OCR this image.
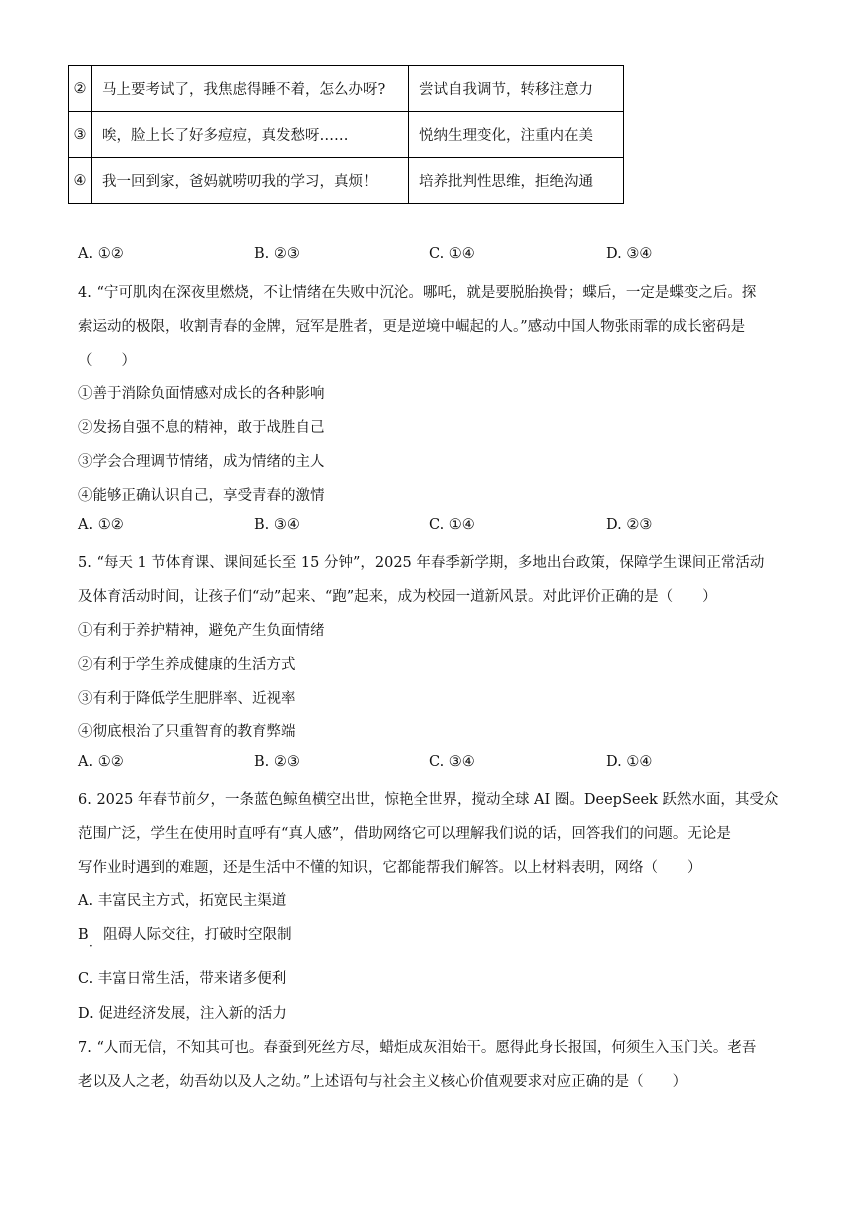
②	马上要考试了，我焦虑得睡不着，怎么办呀?	尝试自我调节，转移注意力
③	唉，脸上长了好多痘痘，真发愁呀……	悦纳生理变化，注重内在美
④	我一回到家，爸妈就唠叨我的学习，真烦！	培养批判性思维，拒绝沟通
A. ①②	B. ②③	C. ①④	D. ③④
4. “宁可肌肉在深夜里燃烧，不让情绪在失败中沉沦。哪吒，就是要脱胎换骨；蝶后，一定是蝶变之后。探
索运动的极限，收割青春的金牌，冠军是胜者，更是逆境中崛起的人。”感动中国人物张雨霏的成长密码是
（　　）
①善于消除负面情感对成长的各种影响
②发扬自强不息的精神，敢于战胜自己
③学会合理调节情绪，成为情绪的主人
④能够正确认识自己，享受青春的激情
A. ①②	B. ③④	C. ①④	D. ②③
5. “每天 1 节体育课、课间延长至 15 分钟”，2025 年春季新学期，多地出台政策，保障学生课间正常活动
及体育活动时间，让孩子们“动”起来、“跑”起来，成为校园一道新风景。对此评价正确的是（　　）
①有利于养护精神，避免产生负面情绪
②有利于学生养成健康的生活方式
③有利于降低学生肥胖率、近视率
④彻底根治了只重智育的教育弊端
A. ①②	B. ②③	C. ③④	D. ①④
6. 2025 年春节前夕，一条蓝色鲸鱼横空出世，惊艳全世界，搅动全球 AI 圈。DeepSeek 跃然水面，其受众
范围广泛，学生在使用时直呼有“真人感”，借助网络它可以理解我们说的话，回答我们的问题。无论是
写作业时遇到的难题，还是生活中不懂的知识，它都能帮我们解答。以上材料表明，网络（　　）
A. 丰富民主方式，拓宽民主渠道
B　阻碍人际交往，打破时空限制
·
C. 丰富日常生活，带来诸多便利
D. 促进经济发展，注入新的活力
7. “人而无信，不知其可也。春蚕到死丝方尽，蜡炬成灰泪始干。愿得此身长报国，何须生入玉门关。老吾
老以及人之老，幼吾幼以及人之幼。”上述语句与社会主义核心价值观要求对应正确的是（　　）
